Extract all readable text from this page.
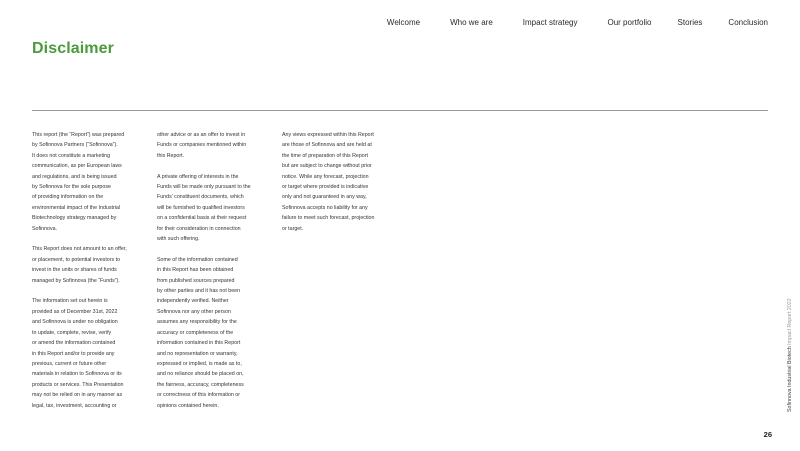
Welcome	Who we are	Impact strategy	Our portfolio	Stories	Conclusion
Disclaimer

This report (the “Report”) was prepared
by Sofinnova Partners (“Sofinnova”).
It does not constitute a marketing
communication, as per European laws
and regulations, and is being issued
by Sofinnova for the sole purpose
of providing information on the
environmental impact of the Industrial
Biotechnology strategy managed by
Sofinnova.

This Report does not amount to an offer,
or placement, to potential investors to
invest in the units or shares of funds
managed by Sofinnova (the “Funds”).

The information set out herein is
provided as of December 31st, 2022
and Sofinnova is under no obligation
to update, complete, revise, verify
or amend the information contained
in this Report and/or to provide any
previous, current or future other
materials in relation to Sofinnova or its
products or services. This Presentation
may not be relied on in any manner as
legal, tax, investment, accounting or

other advice or as an offer to invest in
Funds or companies mentioned within
this Report.

A private offering of interests in the
Funds will be made only pursuant to the
Funds’ constituent documents, which
will be furnished to qualified investors
on a confidential basis at their request
for their consideration in connection
with such offering.

Some of the information contained
in this Report has been obtained
from published sources prepared
by other parties and it has not been
independently verified. Neither
Sofinnova nor any other person
assumes any responsibility for the
accuracy or completeness of the
information contained in this Report
and no representation or warranty,
expressed or implied, is made as to,
and no reliance should be placed on,
the fairness, accuracy, completeness
or correctness of this information or
opinions contained herein.

Any views expressed within this Report
are those of Sofinnova and are held at
the time of preparation of this Report
but are subject to change without prior
notice. While any forecast, projection
or target where provided is indicative
only and not guaranteed in any way,
Sofinnova accepts no liability for any
failure to meet such forecast, projection
or target.

Sofinnova Industrial Biotech Impact Report 2022
26
